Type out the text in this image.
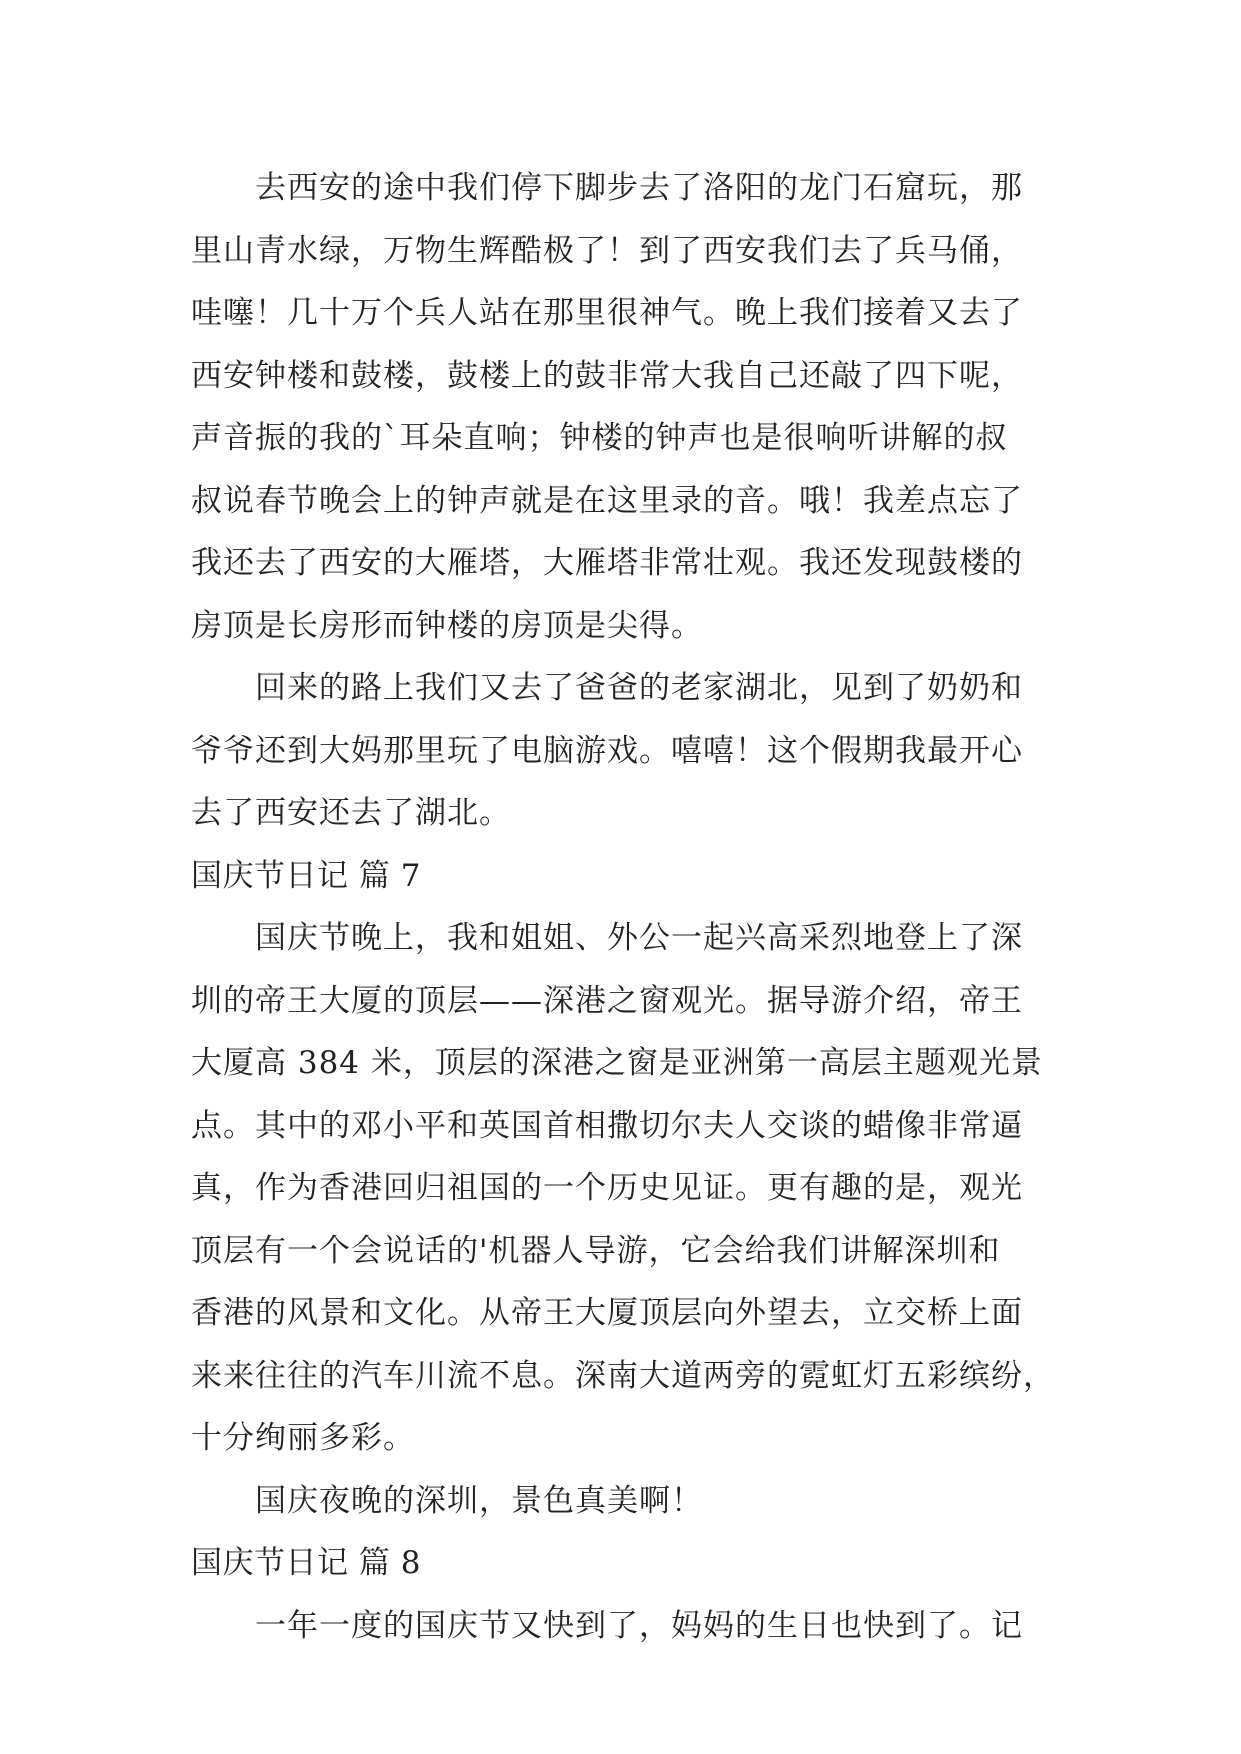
去西安的途中我们停下脚步去了洛阳的龙门石窟玩，那
里山青水绿，万物生辉酷极了！到了西安我们去了兵马俑，
哇噻！几十万个兵人站在那里很神气。晚上我们接着又去了
西安钟楼和鼓楼，鼓楼上的鼓非常大我自己还敲了四下呢，
声音振的我的`耳朵直响；钟楼的钟声也是很响听讲解的叔
叔说春节晚会上的钟声就是在这里录的音。哦！我差点忘了
我还去了西安的大雁塔，大雁塔非常壮观。我还发现鼓楼的
房顶是长房形而钟楼的房顶是尖得。
回来的路上我们又去了爸爸的老家湖北，见到了奶奶和
爷爷还到大妈那里玩了电脑游戏。嘻嘻！这个假期我最开心
去了西安还去了湖北。
国庆节日记 篇 7
国庆节晚上，我和姐姐、外公一起兴高采烈地登上了深
圳的帝王大厦的顶层——深港之窗观光。据导游介绍，帝王
大厦高 384 米，顶层的深港之窗是亚洲第一高层主题观光景
点。其中的邓小平和英国首相撒切尔夫人交谈的蜡像非常逼
真，作为香港回归祖国的一个历史见证。更有趣的是，观光
顶层有一个会说话的'机器人导游，它会给我们讲解深圳和
香港的风景和文化。从帝王大厦顶层向外望去，立交桥上面
来来往往的汽车川流不息。深南大道两旁的霓虹灯五彩缤纷，
十分绚丽多彩。
国庆夜晚的深圳，景色真美啊！
国庆节日记 篇 8
一年一度的国庆节又快到了，妈妈的生日也快到了。记
